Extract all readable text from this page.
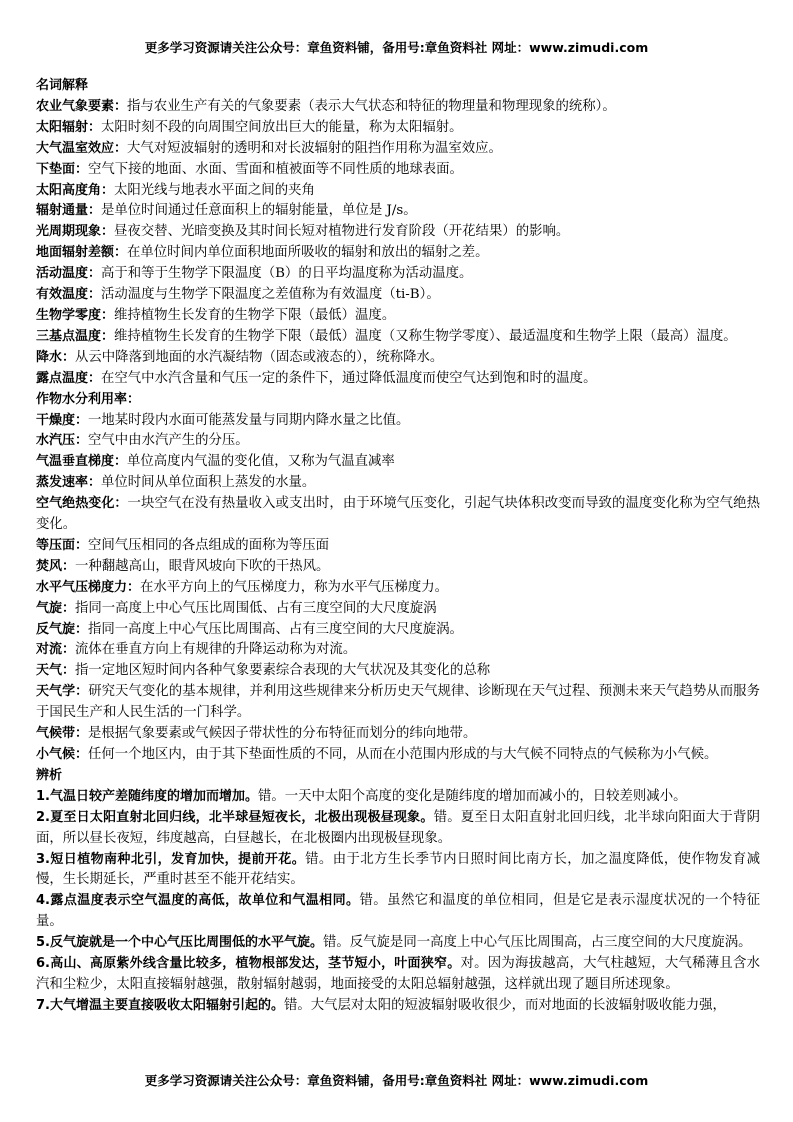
更多学习资源请关注公众号：章鱼资料铺，备用号:章鱼资料社 网址：www.zimudi.com

名词解释

农业气象要素：指与农业生产有关的气象要素（表示大气状态和特征的物理量和物理现象的统称）。

太阳辐射：太阳时刻不段的向周围空间放出巨大的能量，称为太阳辐射。

大气温室效应：大气对短波辐射的透明和对长波辐射的阻挡作用称为温室效应。

下垫面：空气下接的地面、水面、雪面和植被面等不同性质的地球表面。

太阳高度角：太阳光线与地表水平面之间的夹角

辐射通量：是单位时间通过任意面积上的辐射能量，单位是 J/s。

光周期现象：昼夜交替、光暗变换及其时间长短对植物进行发育阶段（开花结果）的影响。

地面辐射差额：在单位时间内单位面积地面所吸收的辐射和放出的辐射之差。

活动温度：高于和等于生物学下限温度（B）的日平均温度称为活动温度。

有效温度：活动温度与生物学下限温度之差值称为有效温度（ti-B）。

生物学零度：维持植物生长发育的生物学下限（最低）温度。

三基点温度：维持植物生长发育的生物学下限（最低）温度（又称生物学零度）、最适温度和生物学上限（最高）温度。

降水：从云中降落到地面的水汽凝结物（固态或液态的），统称降水。

露点温度：在空气中水汽含量和气压一定的条件下，通过降低温度而使空气达到饱和时的温度。

作物水分利用率：

干燥度：一地某时段内水面可能蒸发量与同期内降水量之比值。

水汽压：空气中由水汽产生的分压。

气温垂直梯度：单位高度内气温的变化值，又称为气温直减率

蒸发速率：单位时间从单位面积上蒸发的水量。

空气绝热变化：一块空气在没有热量收入或支出时，由于环境气压变化，引起气块体积改变而导致的温度变化称为空气绝热变化。

等压面：空间气压相同的各点组成的面称为等压面

焚风：一种翻越高山，眼背风坡向下吹的干热风。

水平气压梯度力：在水平方向上的气压梯度力，称为水平气压梯度力。

气旋：指同一高度上中心气压比周围低、占有三度空间的大尺度旋涡

反气旋：指同一高度上中心气压比周围高、占有三度空间的大尺度旋涡。

对流：流体在垂直方向上有规律的升降运动称为对流。

天气：指一定地区短时间内各种气象要素综合表现的大气状况及其变化的总称

天气学：研究天气变化的基本规律，并利用这些规律来分析历史天气规律、诊断现在天气过程、预测未来天气趋势从而服务于国民生产和人民生活的一门科学。

气候带：是根据气象要素或气候因子带状性的分布特征而划分的纬向地带。

小气候：任何一个地区内，由于其下垫面性质的不同，从而在小范围内形成的与大气候不同特点的气候称为小气候。

辨析

1.气温日较产差随纬度的增加而增加。错。一天中太阳个高度的变化是随纬度的增加而减小的，日较差则减小。

2.夏至日太阳直射北回归线，北半球昼短夜长，北极出现极昼现象。错。夏至日太阳直射北回归线，北半球向阳面大于背阴面，所以昼长夜短，纬度越高，白昼越长，在北极圈内出现极昼现象。

3.短日植物南种北引，发育加快，提前开花。错。由于北方生长季节内日照时间比南方长，加之温度降低，使作物发育减慢，生长期延长，严重时甚至不能开花结实。

4.露点温度表示空气温度的高低，故单位和气温相同。错。虽然它和温度的单位相同，但是它是表示湿度状况的一个特征量。

5.反气旋就是一个中心气压比周围低的水平气旋。错。反气旋是同一高度上中心气压比周围高，占三度空间的大尺度旋涡。

6.高山、高原紫外线含量比较多，植物根部发达，茎节短小，叶面狭窄。对。因为海拔越高，大气柱越短，大气稀薄且含水汽和尘粒少，太阳直接辐射越强，散射辐射越弱，地面接受的太阳总辐射越强，这样就出现了题目所述现象。

7.大气增温主要直接吸收太阳辐射引起的。错。大气层对太阳的短波辐射吸收很少，而对地面的长波辐射吸收能力强，

更多学习资源请关注公众号：章鱼资料铺，备用号:章鱼资料社 网址：www.zimudi.com
